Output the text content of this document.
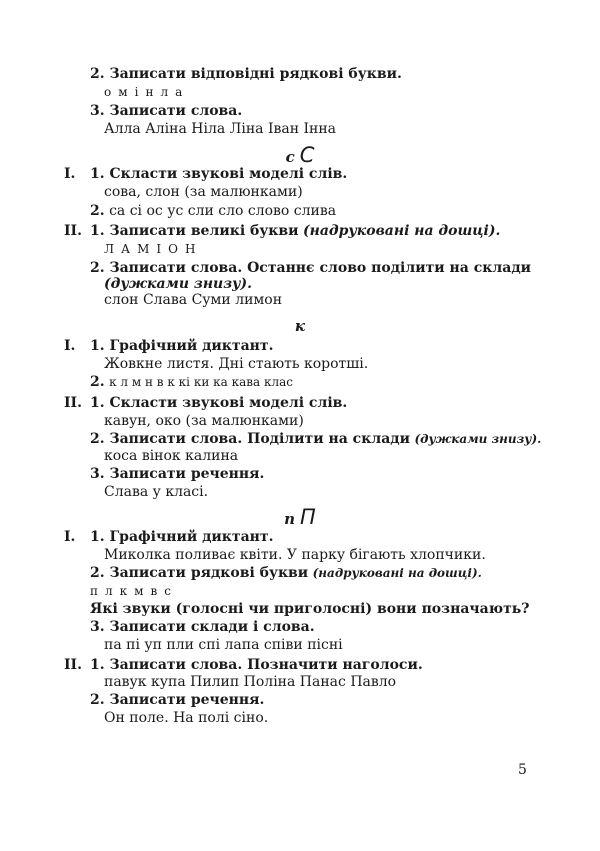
2. Записати відповідні рядкові букви.
о м і н л а
3. Записати слова.
Алла Аліна Ніла Ліна Іван Інна
с С
І. 1. Скласти звукові моделі слів.
сова, слон (за малюнками)
2. са сі ос ус сли сло слово слива
ІІ. 1. Записати великі букви (надруковані на дошці).
Л А М І О Н
2. Записати слова. Останнє слово поділити на склади
(дужками знизу).
слон Слава Суми лимон
к
І. 1. Графічний диктант.
Жовкне листя. Дні стають коротші.
2. к л м н в к кі ки ка кава клас
ІІ. 1. Скласти звукові моделі слів.
кавун, око (за малюнками)
2. Записати слова. Поділити на склади (дужками знизу).
коса вінок калина
3. Записати речення.
Слава у класі.
п П
І. 1. Графічний диктант.
Миколка поливає квіти. У парку бігають хлопчики.
2. Записати рядкові букви (надруковані на дошці).
п л к м в с
Які звуки (голосні чи приголосні) вони позначають?
3. Записати склади і слова.
па пі уп пли спі лапа співи пісні
ІІ. 1. Записати слова. Позначити наголоси.
павук купа Пилип Поліна Панас Павло
2. Записати речення.
Он поле. На полі сіно.
5
